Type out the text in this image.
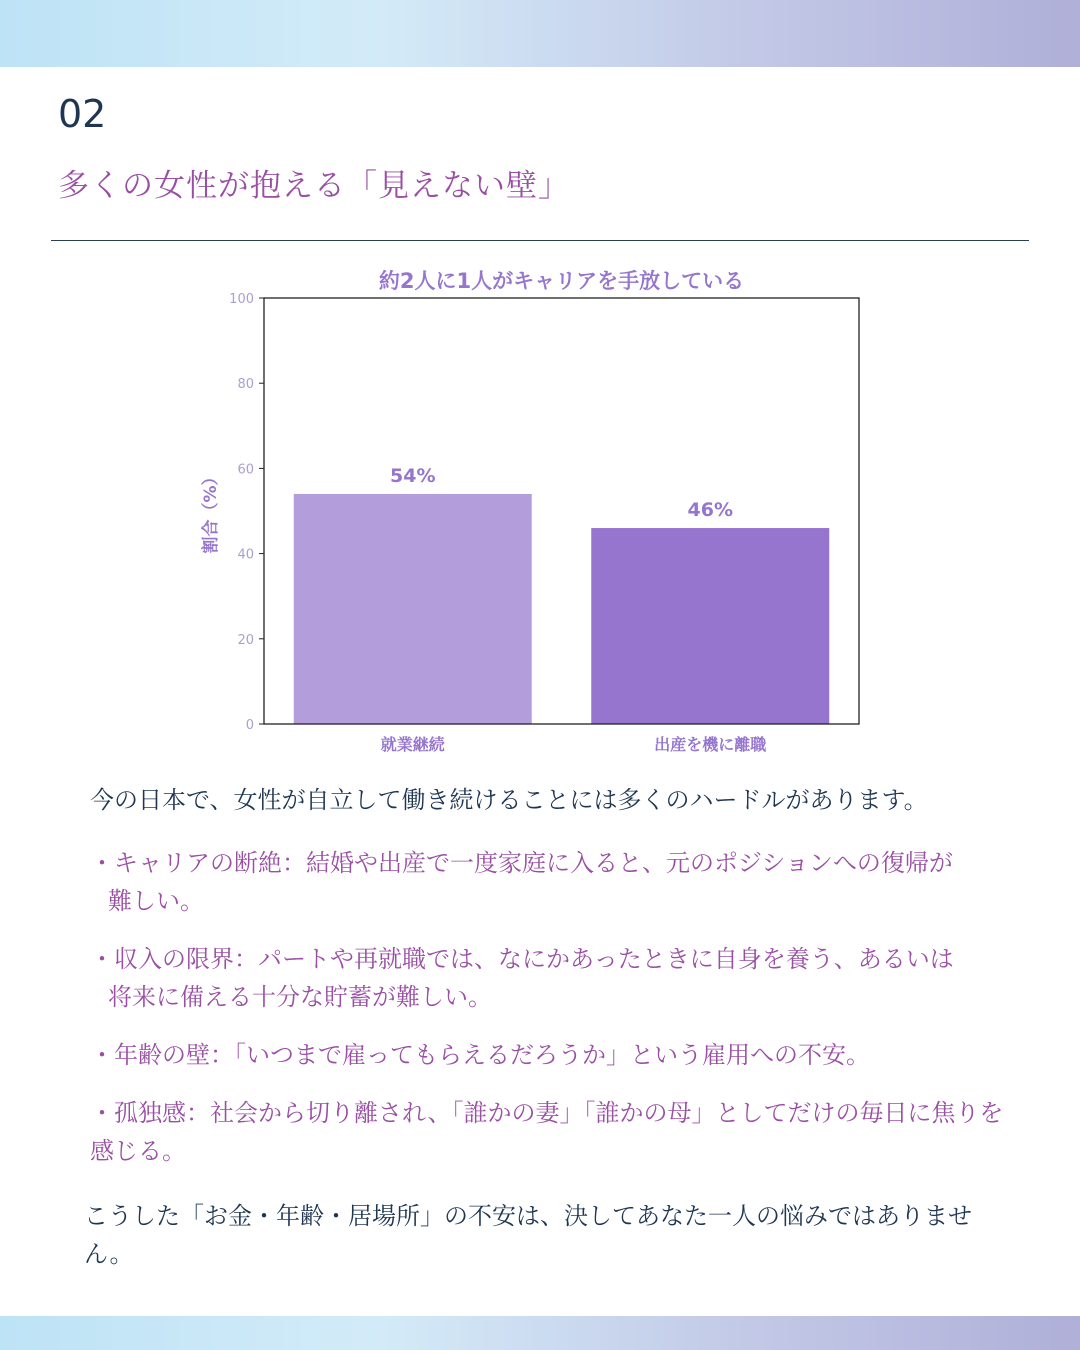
02
多くの女性が抱える「見えない壁」
約2人に1人がキャリアを手放している
54%
就業継続
46%
出産を機に離職
0
20
40
60
80
100
割合（%）
今の日本で、女性が自立して働き続けることには多くのハードルがあります。
・キャリアの断絶：結婚や出産で一度家庭に入ると、元のポジションへの復帰が
難しい。
・収入の限界：パートや再就職では、なにかあったときに自身を養う、あるいは
将来に備える十分な貯蓄が難しい。
・年齢の壁：「いつまで雇ってもらえるだろうか」という雇用への不安。
・孤独感：社会から切り離され、「誰かの妻」「誰かの母」としてだけの毎日に焦りを感じる。
こうした「お金・年齢・居場所」の不安は、決してあなた一人の悩みではありません。
